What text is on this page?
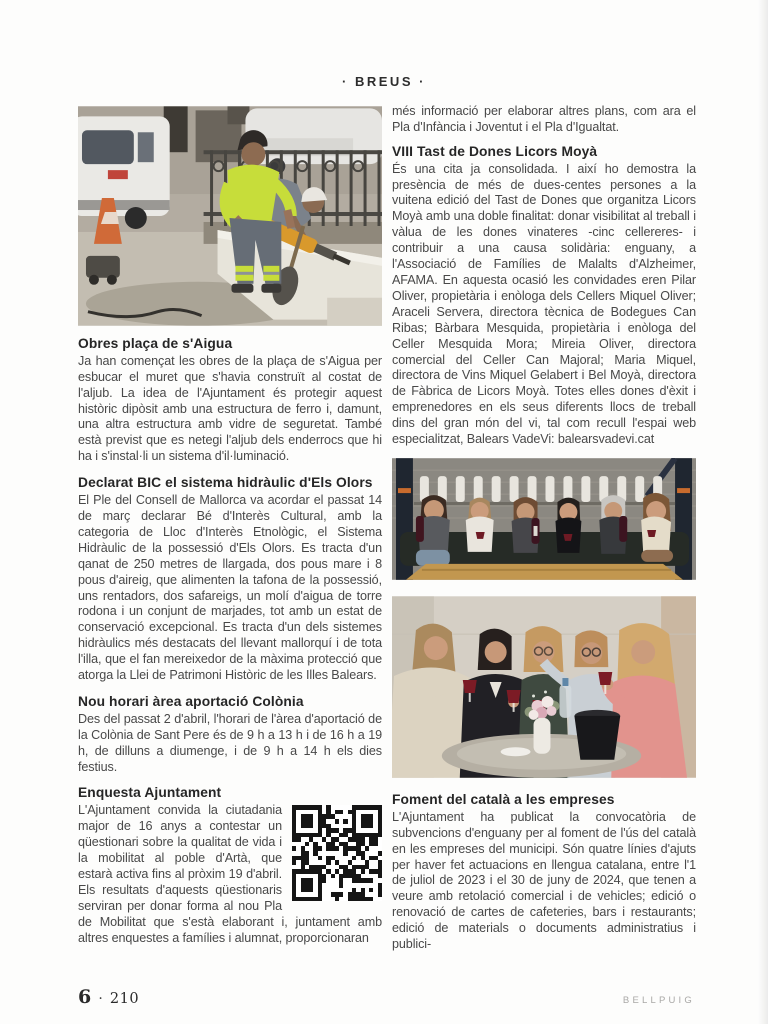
· BREUS ·
Obres plaça de s'Aigua

Ja han començat les obres de la plaça de s'Aigua per esbucar el muret que s'havia construït al costat de l'aljub. La idea de l'Ajuntament és protegir aquest històric dipòsit amb una estructura de ferro i, damunt, una altra estructura amb vidre de seguretat. També està previst que es netegi l'aljub dels enderrocs que hi ha i s'instal·li un sistema d'il·luminació.

Declarat BIC el sistema hidràulic d'Els Olors

El Ple del Consell de Mallorca va acordar el passat 14 de març declarar Bé d'Interès Cultural, amb la categoria de Lloc d'Interès Etnològic, el Sistema Hidràulic de la possessió d'Els Olors. Es tracta d'un qanat de 250 metres de llargada, dos pous mare i 8 pous d'aireig, que alimenten la tafona de la possessió, uns rentadors, dos safareigs, un molí d'aigua de torre rodona i un conjunt de marjades, tot amb un estat de conservació excepcional. Es tracta d'un dels sistemes hidràulics més destacats del llevant mallorquí i de tota l'illa, que el fan mereixedor de la màxima protecció que atorga la Llei de Patrimoni Històric de les Illes Balears.

Nou horari àrea aportació Colònia

Des del passat 2 d'abril, l'horari de l'àrea d'aportació de la Colònia de Sant Pere és de 9 h a 13 h i de 16 h a 19 h, de dilluns a diumenge, i de 9 h a 14 h els dies festius.

Enquesta Ajuntament

L'Ajuntament convida la ciutadania major de 16 anys a contestar un qüestionari sobre la qualitat de vida i la mobilitat al poble d'Artà, que estarà activa fins al pròxim 19 d'abril. Els resultats d'aquests qüestionaris serviran per donar forma al nou Pla de Mobilitat que s'està elaborant i, juntament amb altres enquestes a famílies i alumnat, proporcionaran

més informació per elaborar altres plans, com ara el Pla d'Infància i Joventut i el Pla d'Igualtat.

VIII Tast de Dones Licors Moyà

És una cita ja consolidada. I així ho demostra la presència de més de dues-centes persones a la vuitena edició del Tast de Dones que organitza Licors Moyà amb una doble finalitat: donar visibilitat al treball i vàlua de les dones vinateres -cinc cellereres- i contribuir a una causa solidària: enguany, a l'Associació de Famílies de Malalts d'Alzheimer, AFAMA. En aquesta ocasió les convidades eren Pilar Oliver, propietària i enòloga dels Cellers Miquel Oliver; Araceli Servera, directora tècnica de Bodegues Can Ribas; Bàrbara Mesquida, propietària i enòloga del Celler Mesquida Mora; Mireia Oliver, directora comercial del Celler Can Majoral; Maria Miquel, directora de Vins Miquel Gelabert i Bel Moyà, directora de Fàbrica de Licors Moyà. Totes elles dones d'èxit i emprenedores en els seus diferents llocs de treball dins del gran món del vi, tal com recull l'espai web especialitzat, Balears VadeVi: balearsvadevi.cat

Foment del català a les empreses

L'Ajuntament ha publicat la convocatòria de subvencions d'enguany per al foment de l'ús del català en les empreses del municipi. Són quatre línies d'ajuts per haver fet actuacions en llengua catalana, entre l'1 de juliol de 2023 i el 30 de juny de 2024, que tenen a veure amb retolació comercial i de vehicles; edició o renovació de cartes de cafeteries, bars i restaurants; edició de materials o documents administratius i publici-

6 · 210	BELLPUIG
